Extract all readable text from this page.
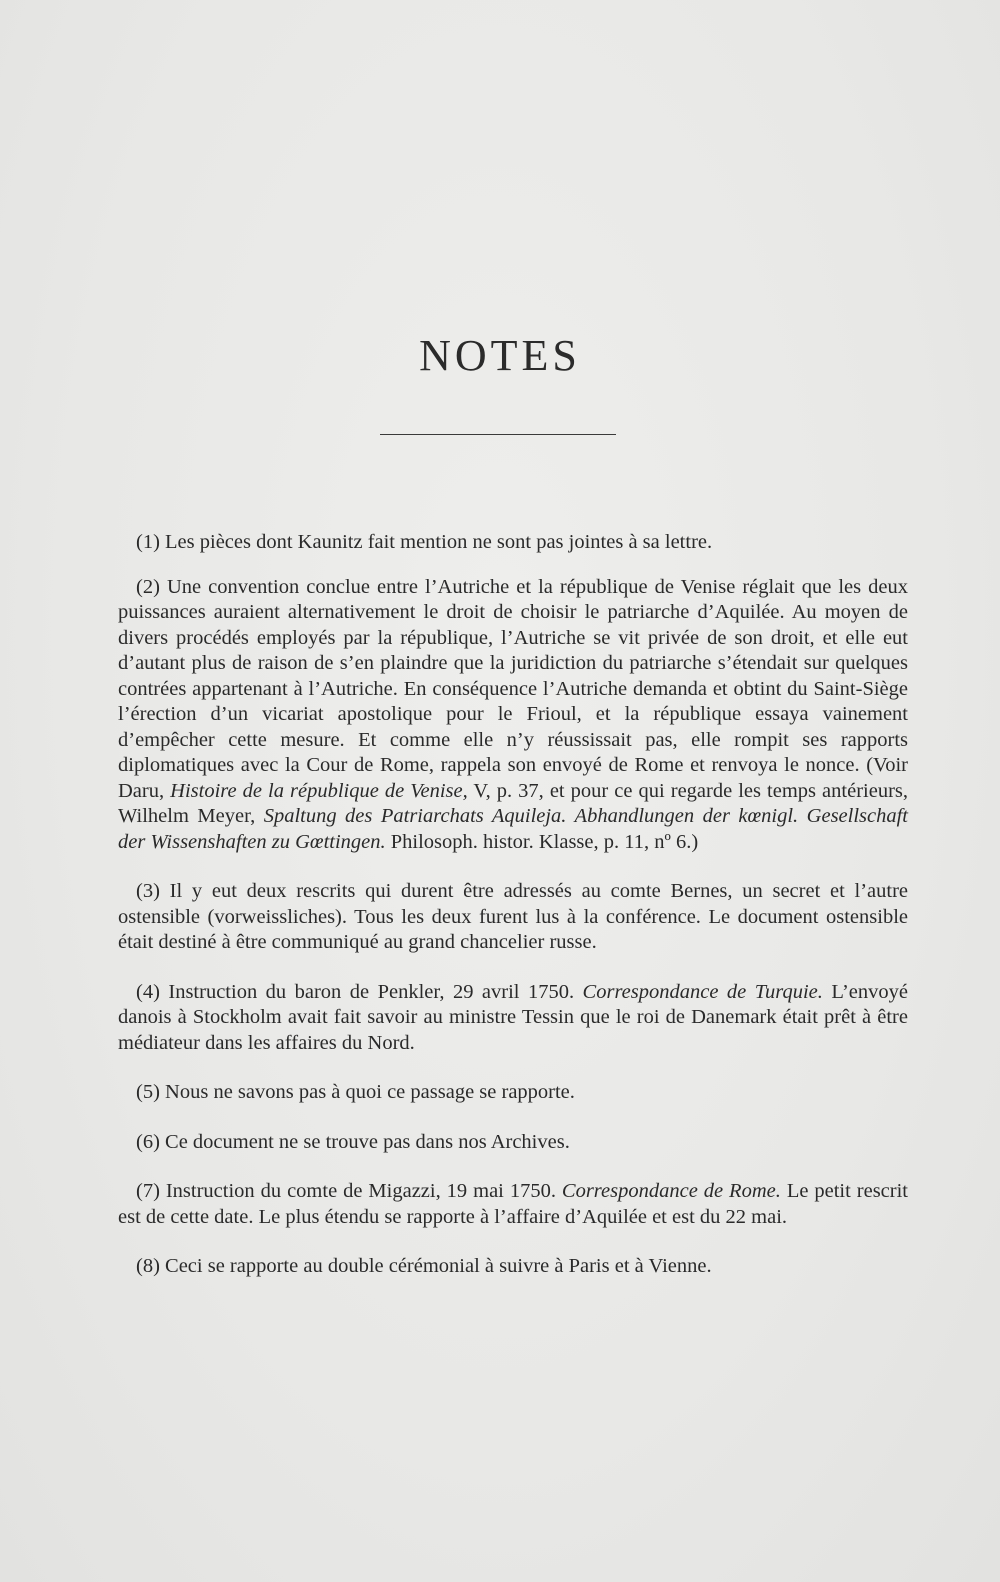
NOTES

(1) Les pièces dont Kaunitz fait mention ne sont pas jointes à sa lettre.

(2) Une convention conclue entre l’Autriche et la république de Venise réglait que les deux puissances auraient alternativement le droit de choisir le patriarche d’Aquilée. Au moyen de divers procédés employés par la république, l’Autriche se vit privée de son droit, et elle eut d’autant plus de raison de s’en plaindre que la juridiction du patriarche s’étendait sur quelques contrées appartenant à l’Autriche. En conséquence l’Autriche demanda et obtint du Saint-Siège l’érection d’un vicariat apostolique pour le Frioul, et la république essaya vainement d’empêcher cette mesure. Et comme elle n’y réussissait pas, elle rompit ses rapports diplomatiques avec la Cour de Rome, rappela son envoyé de Rome et renvoya le nonce. (Voir Daru, Histoire de la république de Venise, V, p. 37, et pour ce qui regarde les temps antérieurs, Wilhelm Meyer, Spaltung des Patriarchats Aquileja. Abhandlungen der kœnigl. Gesellschaft der Wissenshaften zu Gœttingen. Philosoph. histor. Klasse, p. 11, nº 6.)

(3) Il y eut deux rescrits qui durent être adressés au comte Bernes, un secret et l’autre ostensible (vorweissliches). Tous les deux furent lus à la conférence. Le document ostensible était destiné à être communiqué au grand chancelier russe.

(4) Instruction du baron de Penkler, 29 avril 1750. Correspondance de Turquie. L’envoyé danois à Stockholm avait fait savoir au ministre Tessin que le roi de Danemark était prêt à être médiateur dans les affaires du Nord.

(5) Nous ne savons pas à quoi ce passage se rapporte.

(6) Ce document ne se trouve pas dans nos Archives.

(7) Instruction du comte de Migazzi, 19 mai 1750. Correspondance de Rome. Le petit rescrit est de cette date. Le plus étendu se rapporte à l’affaire d’Aquilée et est du 22 mai.

(8) Ceci se rapporte au double cérémonial à suivre à Paris et à Vienne.
